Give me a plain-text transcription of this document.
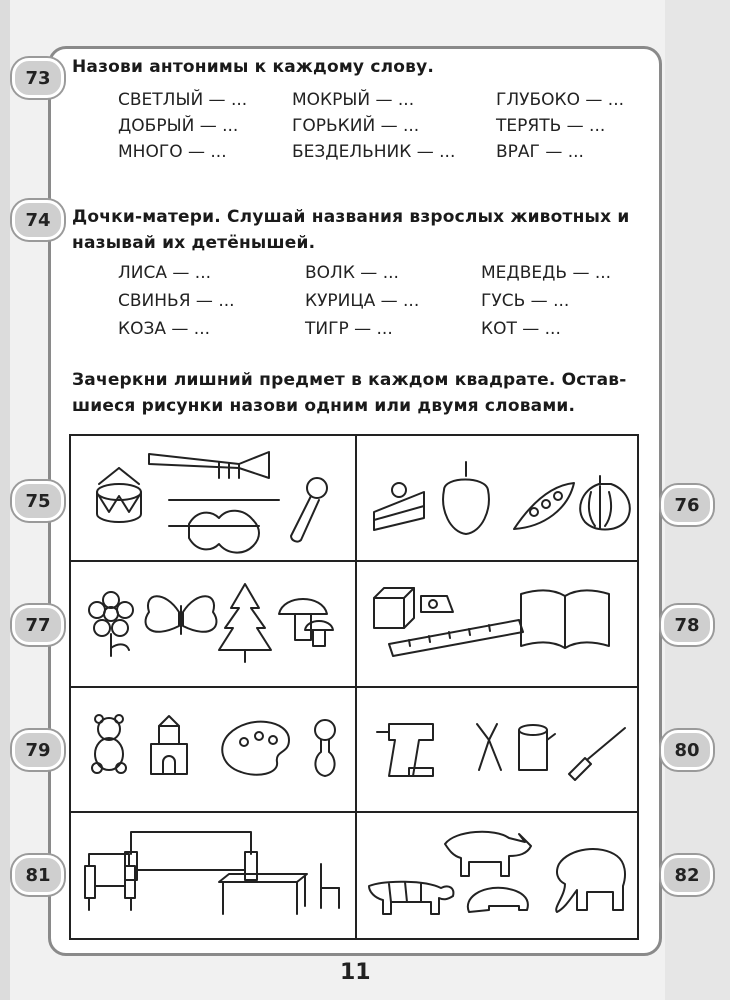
73
Назови антонимы к каждому слову.
СВЕТЛЫЙ — ...	МОКРЫЙ — ...	ГЛУБОКО — ...
ДОБРЫЙ — ...	ГОРЬКИЙ — ...	ТЕРЯТЬ — ...
МНОГО — ...	БЕЗДЕЛЬНИК — ... ВРАГ — ...
74	Дочки-матери. Слушай названия взрослых животных и
называй их детёнышей.
ЛИСА — ...	ВОЛК — ...	МЕДВЕДЬ — ...
СВИНЬЯ — ...	КУРИЦА — ...	ГУСЬ — ...
КОЗА — ...	ТИГР — ...	КОТ — ...
Зачеркни лишний предмет в каждом квадрате. Остав-
шиеся рисунки назови одним или двумя словами.
75	76
77	78
79	80
81	82
11
